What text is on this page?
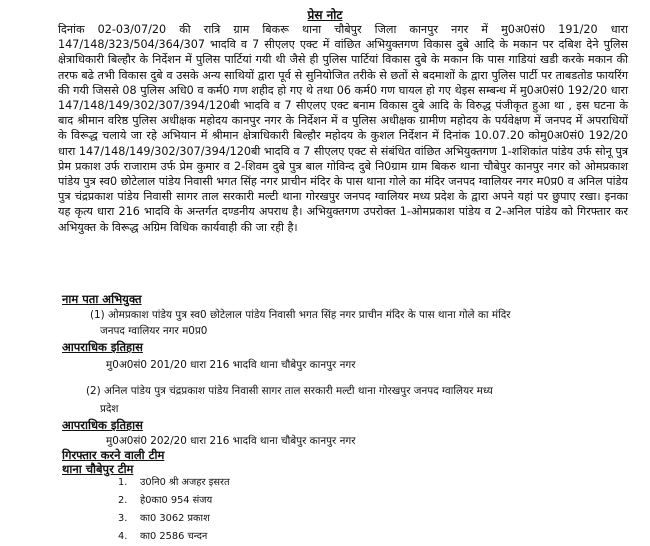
प्रेस नोट
दिनांक 02-03/07/20 की रात्रि ग्राम बिकरू थाना चौबेपुर जिला कानपुर नगर में मु0अ0सं0 191/20 धारा 147/148/323/504/364/307 भादवि व 7 सीएलए एक्ट में वांछित अभियुक्तगण विकास दुबे आदि के मकान पर दबिश देने पुलिस क्षेत्राधिकारी बिल्हौर के निर्देशन में पुलिस पार्टियां गयी थी जैसे ही पुलिस पार्टियां विकास दुबे के मकान कि पास गाडियां खडी करके मकान की तरफ बढे तभी विकास दुबे व उसके अन्य साथियों द्वारा पूर्व से सुनियोजित तरीके से छतों से बदमाशों के द्वारा पुलिस पार्टी पर ताबडतोड फायरिंग की गयी जिससे 08 पुलिस अधि0 व कर्म0 गण शहीद हो गए थे तथा 06 कर्म0 गण घायल हो गए थेइस सम्बन्ध में मु0अ0सं0 192/20 धारा 147/148/149/302/307/394/120बी भादवि व 7 सीएलए एक्ट बनाम विकास दुबे आदि के विरुद्ध पंजीकृत हुआ था , इस घटना के बाद श्रीमान वरिष्ठ पुलिस अधीक्षक महोदय कानपुर नगर के निर्देशन में व पुलिस अधीक्षक ग्रामीण महोदय के पर्यवेक्षण में जनपद में अपराधियों के विरूद्ध चलाये जा रहे अभियान में श्रीमान क्षेत्राधिकारी बिल्हौर महोदय के कुशल निर्देशन में दिनांक 10.07.20 कोमु0अ0सं0 192/20 धारा 147/148/149/302/307/394/120बी भादवि व 7 सीएलए एक्ट से संबंधित वांछित अभियुक्तगण 1-शशिकांत पांडेय उर्फ सोनू पुत्र प्रेम प्रकाश उर्फ राजाराम उर्फ प्रेम कुमार व 2-शिवम दुबे पुत्र बाल गोविन्द दुबे नि0ग्राम ग्राम बिकरु थाना चौबेपुर कानपुर नगर को ओमप्रकाश पांडेय पुत्र स्व0 छोटेलाल पांडेय निवासी भगत सिंह नगर प्राचीन मंदिर के पास थाना गोले का मंदिर जनपद ग्वालियर नगर म0प्र0 व अनिल पांडेय पुत्र चंद्रप्रकाश पांडेय निवासी सागर ताल सरकारी मल्टी थाना गोरखपुर जनपद ग्वालियर मध्य प्रदेश के द्वारा अपने यहां पर छुपाए रखा। इनका यह कृत्य धारा 216 भादवि के अन्तर्गत दण्डनीय अपराध है। अभियुक्तगण उपरोक्त 1-ओमप्रकाश पांडेय व 2-अनिल पांडेय को गिरफ्तार कर अभियुक्त के विरूद्ध अग्रिम विधिक कार्यवाही की जा रही है।
नाम पता अभियुक्त
(1) ओमप्रकाश पांडेय पुत्र स्व0 छोटेलाल पांडेय निवासी भगत सिंह नगर प्राचीन मंदिर के पास थाना गोले का मंदिर
जनपद ग्वालियर नगर म0प्र0
आपराधिक इतिहास
मु0अ0सं0 201/20 धारा 216 भादवि थाना चौबेपुर कानपुर नगर
(2) अनिल पांडेय पुत्र चंद्रप्रकाश पांडेय निवासी सागर ताल सरकारी मल्टी थाना गोरखपुर जनपद ग्वालियर मध्य
प्रदेश
आपराधिक इतिहास
मु0अ0सं0 202/20 धारा 216 भादवि थाना चौबेपुर कानपुर नगर
गिरफ्तार करने वाली टीम
थाना चौबेपुर टीम
1.	उ0नि0 श्री अजहर इसरत
2.	हे0का0 954 संजय
3.	का0 3062 प्रकाश
4.	का0 2586 चन्दन
